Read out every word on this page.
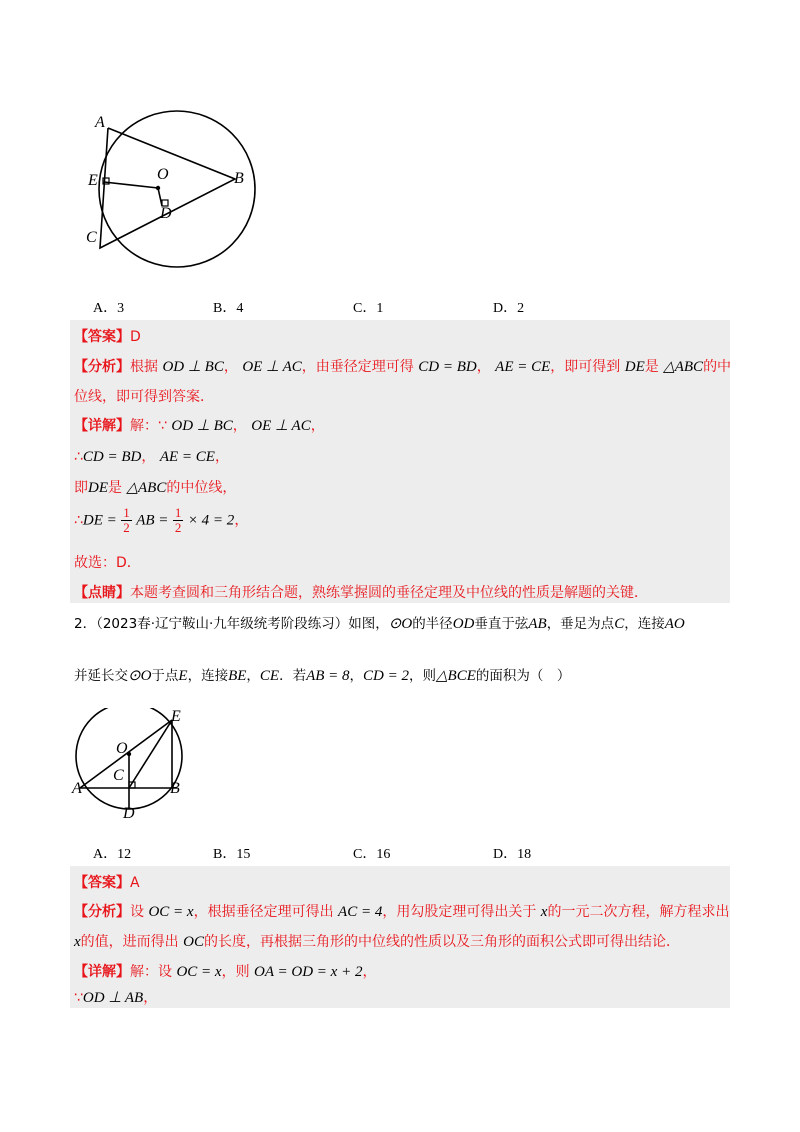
A
B
C
E	O
D
A．3	B．4	C．1	D．2
【答案】D
【分析】根据 OD ⊥ BC， OE ⊥ AC，由垂径定理可得 CD = BD， AE = CE，即可得到 DE是 △ABC的中
位线，即可得到答案．
【详解】解：∵ OD ⊥ BC， OE ⊥ AC，
∴CD = BD， AE = CE，
即DE是 △ABC的中位线，
∴DE = $\frac{1}{2}$ AB = $\frac{1}{2} \times 4 = 2$，
故选：D．
【点睛】本题考查圆和三角形结合题，熟练掌握圆的垂径定理及中位线的性质是解题的关键．
2．（2023春·辽宁鞍山·九年级统考阶段练习）如图，⊙O的半径OD垂直于弦AB，垂足为点C，连接AO
并延长交⊙O于点E，连接BE，CE．若AB = 8，CD = 2，则△BCE的面积为（　）
E
O
C
A	B
D
A．12	B．15	C．16	D．18
【答案】A
【分析】设 OC = x，根据垂径定理可得出 AC = 4，用勾股定理可得出关于 x的一元二次方程，解方程求出
x的值，进而得出 OC的长度，再根据三角形的中位线的性质以及三角形的面积公式即可得出结论．
【详解】解：设 OC = x，则 OA = OD = x + 2，
∵OD ⊥ AB，
